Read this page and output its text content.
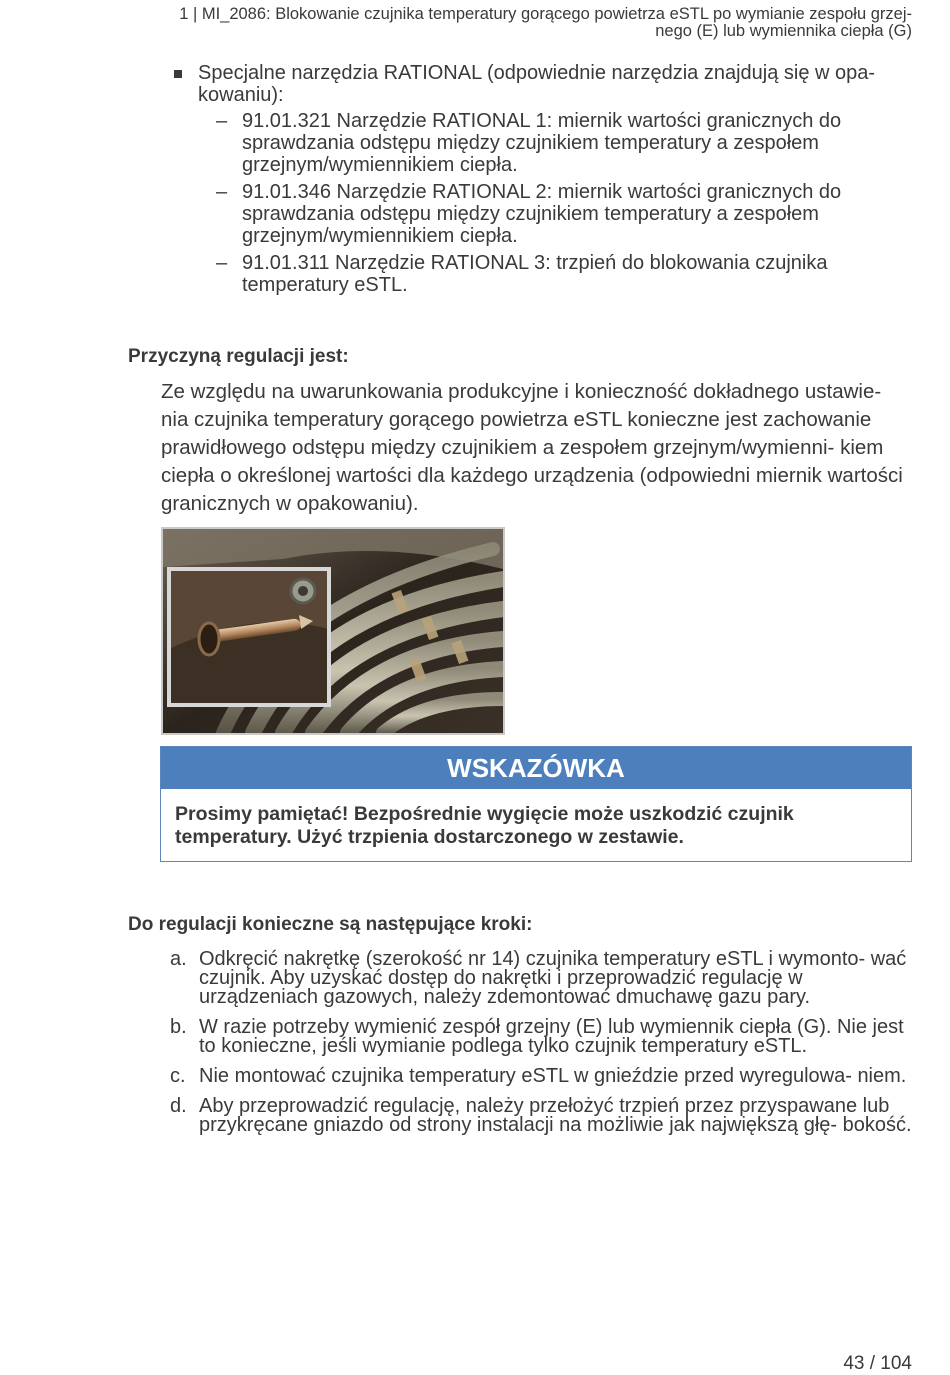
1 | MI_2086: Blokowanie czujnika temperatury gorącego powietrza eSTL po wymianie zespołu grzej-
nego (E) lub wymiennika ciepła (G)
Specjalne narzędzia RATIONAL (odpowiednie narzędzia znajdują się w opa- kowaniu):
– 91.01.321 Narzędzie RATIONAL 1: miernik wartości granicznych do sprawdzania odstępu między czujnikiem temperatury a zespołem grzejnym/wymiennikiem ciepła.
– 91.01.346 Narzędzie RATIONAL 2: miernik wartości granicznych do sprawdzania odstępu między czujnikiem temperatury a zespołem grzejnym/wymiennikiem ciepła.
– 91.01.311 Narzędzie RATIONAL 3: trzpień do blokowania czujnika temperatury eSTL.
Przyczyną regulacji jest:
Ze względu na uwarunkowania produkcyjne i konieczność dokładnego ustawie- nia czujnika temperatury gorącego powietrza eSTL konieczne jest zachowanie prawidłowego odstępu między czujnikiem a zespołem grzejnym/wymienni- kiem ciepła o określonej wartości dla każdego urządzenia (odpowiedni miernik wartości granicznych w opakowaniu).
WSKAZÓWKA
Prosimy pamiętać! Bezpośrednie wygięcie może uszkodzić czujnik temperatury. Użyć trzpienia dostarczonego w zestawie.
Do regulacji konieczne są następujące kroki:
a. Odkręcić nakrętkę (szerokość nr 14) czujnika temperatury eSTL i wymonto- wać czujnik. Aby uzyskać dostęp do nakrętki i przeprowadzić regulację w urządzeniach gazowych, należy zdemontować dmuchawę gazu pary.
b. W razie potrzeby wymienić zespół grzejny (E) lub wymiennik ciepła (G). Nie jest to konieczne, jeśli wymianie podlega tylko czujnik temperatury eSTL.
c. Nie montować czujnika temperatury eSTL w gnieździe przed wyregulowa- niem.
d. Aby przeprowadzić regulację, należy przełożyć trzpień przez przyspawane lub przykręcane gniazdo od strony instalacji na możliwie jak największą głę- bokość.
43 / 104
